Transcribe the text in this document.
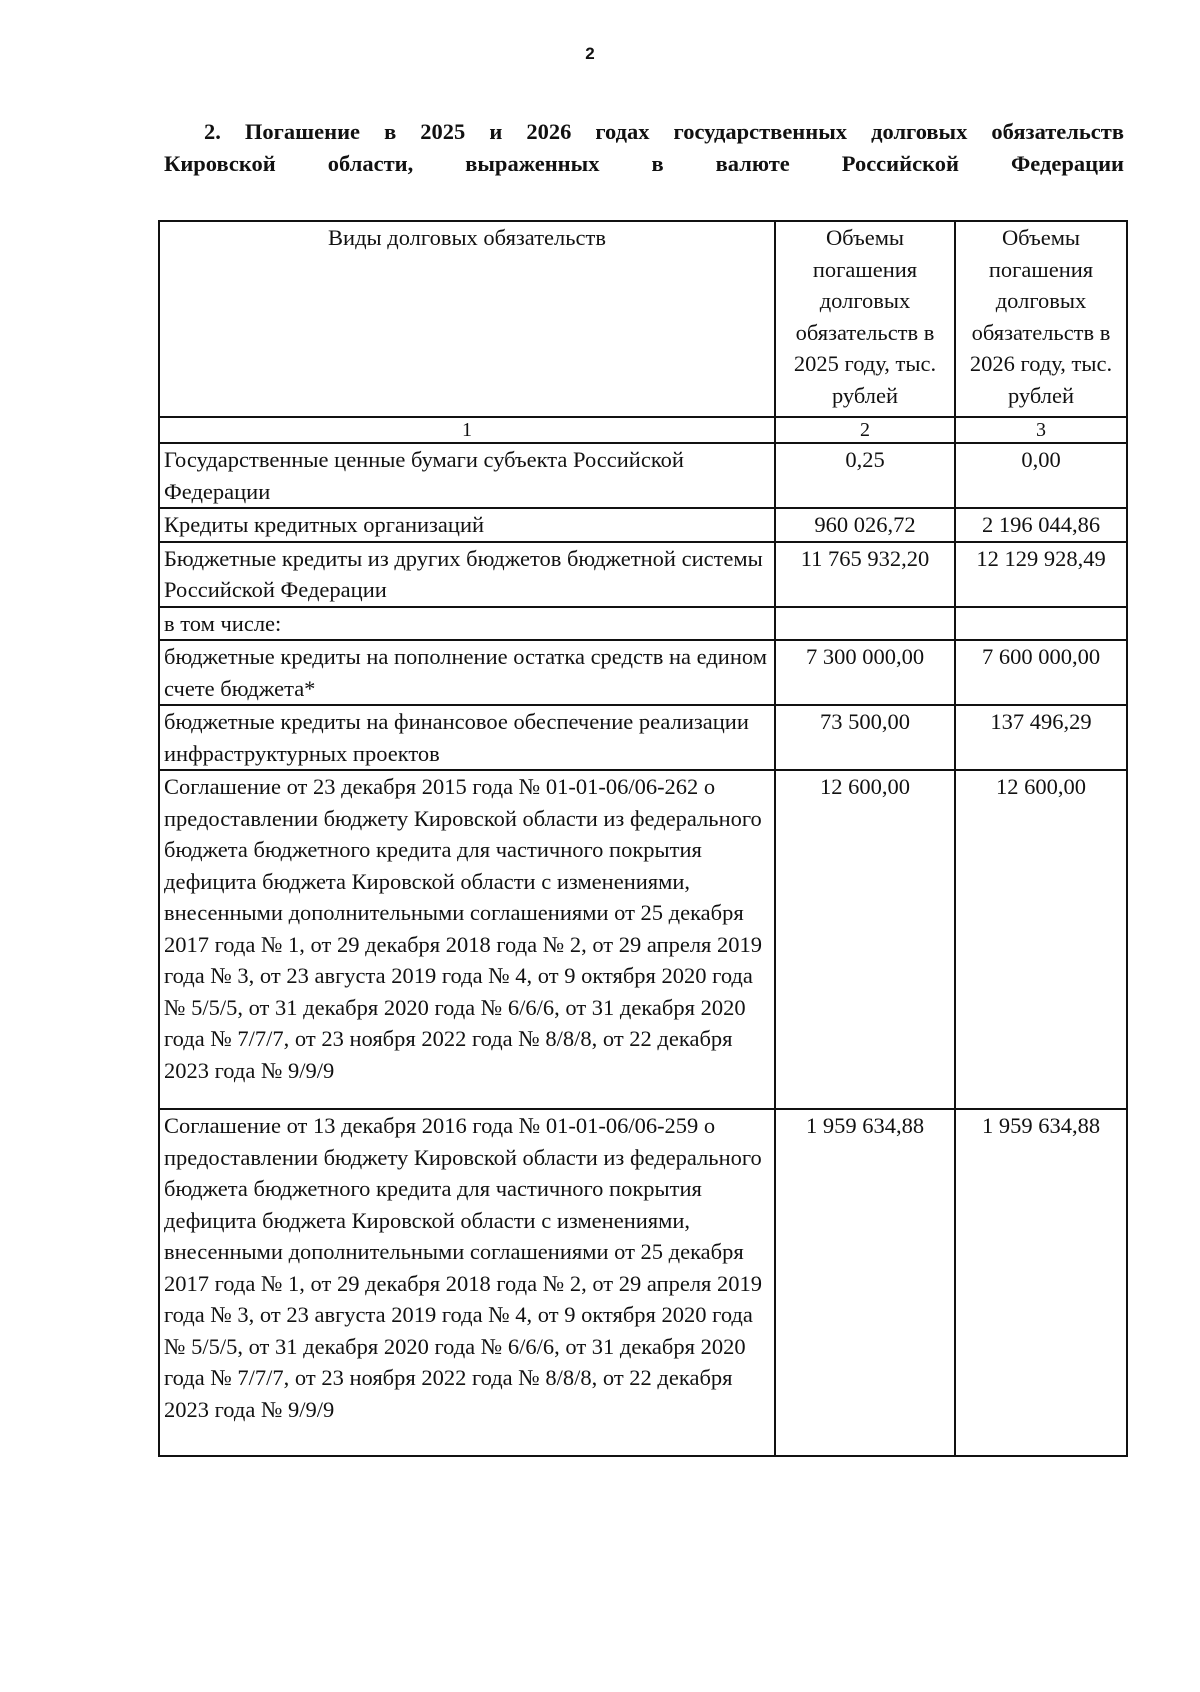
2
2. Погашение в 2025 и 2026 годах государственных долговых обязательств
Кировской области, выраженных в валюте Российской Федерации
Виды долговых обязательств	Объемы погашения долговых обязательств в 2025 году, тыс. рублей	Объемы погашения долговых обязательств в 2026 году, тыс. рублей
1	2	3
Государственные ценные бумаги субъекта Российской Федерации	0,25	0,00
Кредиты кредитных организаций	960 026,72	2 196 044,86
Бюджетные кредиты из других бюджетов бюджетной системы Российской Федерации	11 765 932,20	12 129 928,49
в том числе:		
бюджетные кредиты на пополнение остатка средств на едином счете бюджета*	7 300 000,00	7 600 000,00
бюджетные кредиты на финансовое обеспечение реализации инфраструктурных проектов	73 500,00	137 496,29
Соглашение от 23 декабря 2015 года № 01-01-06/06-262 о предоставлении бюджету Кировской области из федерального бюджета бюджетного кредита для частичного покрытия дефицита бюджета Кировской области с изменениями, внесенными дополнительными соглашениями от 25 декабря 2017 года № 1, от 29 декабря 2018 года № 2, от 29 апреля 2019 года № 3, от 23 августа 2019 года № 4, от 9 октября 2020 года № 5/5/5, от 31 декабря 2020 года № 6/6/6, от 31 декабря 2020 года № 7/7/7, от 23 ноября 2022 года № 8/8/8, от 22 декабря 2023 года № 9/9/9	12 600,00	12 600,00
Соглашение от 13 декабря 2016 года № 01-01-06/06-259 о предоставлении бюджету Кировской области из федерального бюджета бюджетного кредита для частичного покрытия дефицита бюджета Кировской области с изменениями, внесенными дополнительными соглашениями от 25 декабря 2017 года № 1, от 29 декабря 2018 года № 2, от 29 апреля 2019 года № 3, от 23 августа 2019 года № 4, от 9 октября 2020 года № 5/5/5, от 31 декабря 2020 года № 6/6/6, от 31 декабря 2020 года № 7/7/7, от 23 ноября 2022 года № 8/8/8, от 22 декабря 2023 года № 9/9/9	1 959 634,88	1 959 634,88
